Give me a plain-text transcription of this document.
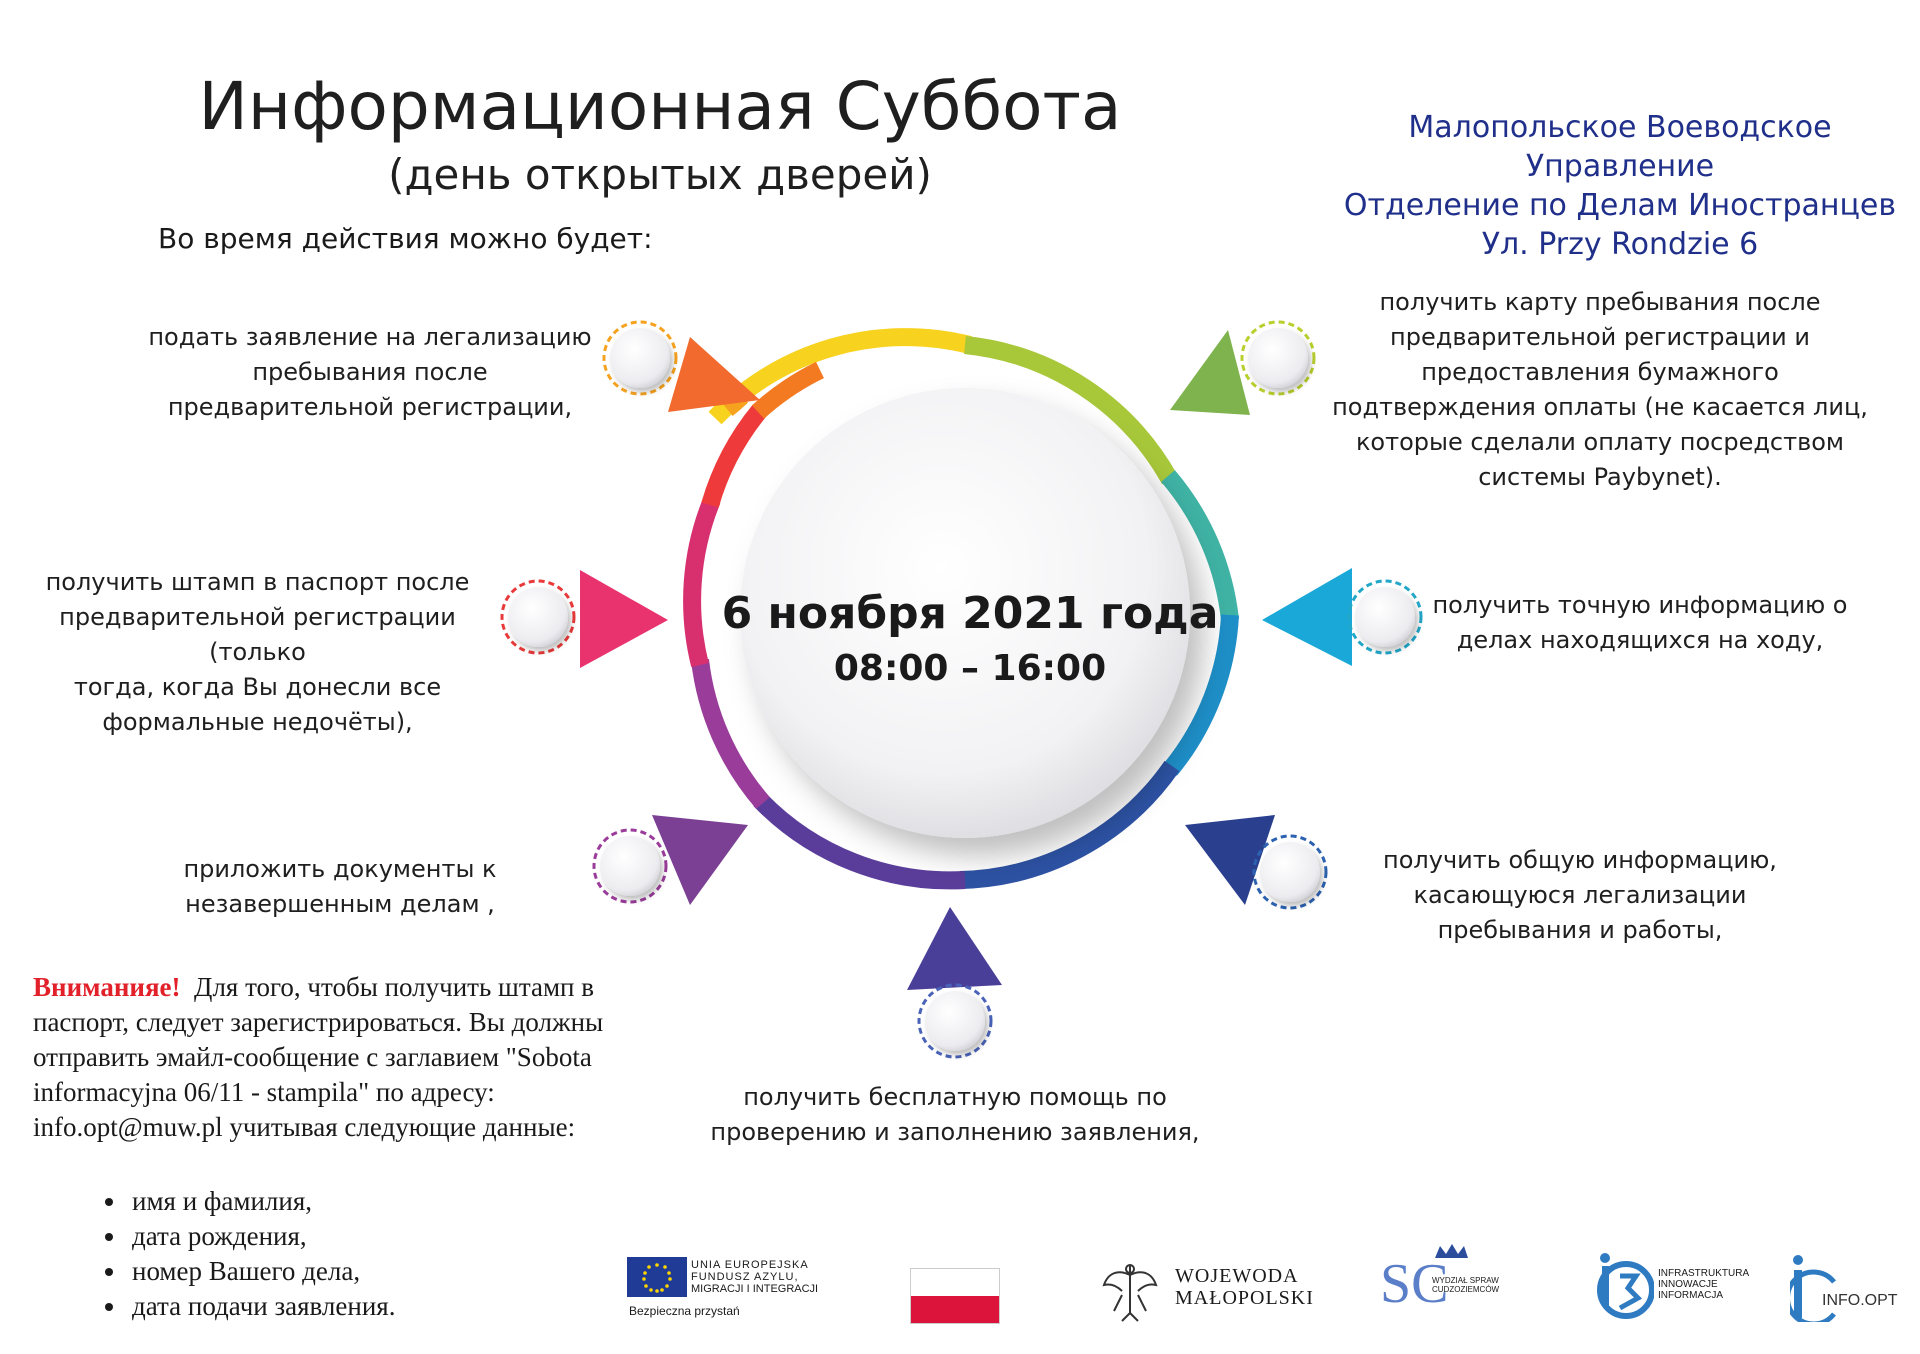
Информационная Суббота
(день открытых дверей)
Во время действия можно будет:
Малопольское Воеводское Управление
Отделение по Делам Иностранцев
Ул. Przy Rondzie 6
6 ноября 2021 года
08:00 – 16:00
подать заявление на легализацию
пребывания после
предварительной регистрации,
получить штамп в паспорт после
предварительной регистрации (только
тогда, когда Вы донесли все
формальные недочёты),
приложить документы к
незавершенным делам ,
получить бесплатную помощь по
проверению и заполнению заявления,
получить карту пребывания после
предварительной регистрации и
предоставления бумажного
подтверждения оплаты (не касается лиц,
которые сделали оплату посредством
системы Paybynet).
получить точную информацию о
делах находящихся на ходу,
получить общую информацию,
касающуюся легализации
пребывания и работы,
Вниманияе! Для того, чтобы получить штамп в паспорт, следует зарегистрироваться. Вы должны отправить эмайл-сообщение с заглавием "Sobota informacyjna 06/11 - stampila" по адресу: info.opt@muw.pl учитывая следующие данные:
• имя и фамилия,
• дата рождения,
• номер Вашего дела,
• дата подачи заявления.
UNIA EUROPEJSKA
FUNDUSZ AZYLU,
MIGRACJI I INTEGRACJI
Bezpieczna przystań
WOJEWODA
MAŁOPOLSKI SC
WYDZIAŁ SPRAW
CUDZOZIEMCÓW
INFRASTRUKTURA
INNOWACJE
INFORMACJA	INFO.OPT
